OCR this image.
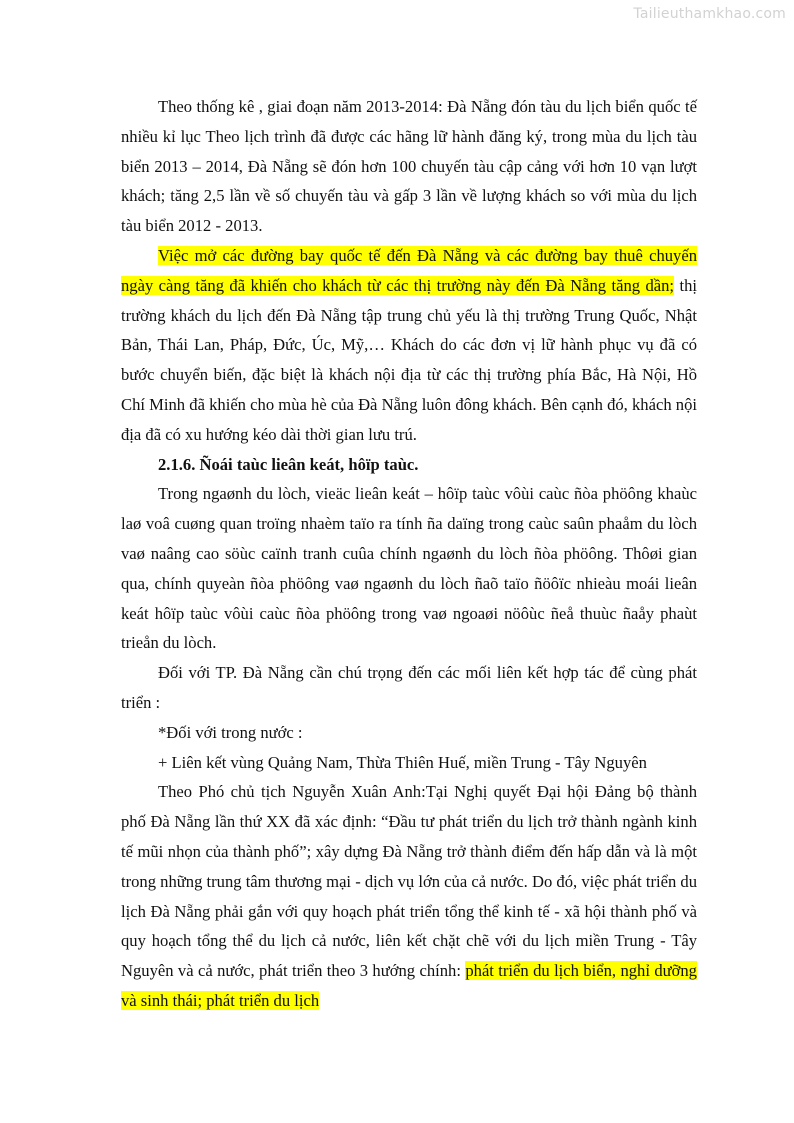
Tailieuthamkhao.com

Theo thống kê , giai đoạn năm 2013-2014: Đà Nẵng đón tàu du lịch biển quốc tế nhiều kỉ lục Theo lịch trình đã được các hãng lữ hành đăng ký, trong mùa du lịch tàu biển 2013 – 2014, Đà Nẵng sẽ đón hơn 100 chuyến tàu cập cảng với hơn 10 vạn lượt khách; tăng 2,5 lần về số chuyến tàu và gấp 3 lần về lượng khách so với mùa du lịch tàu biển 2012 - 2013.

Việc mở các đường bay quốc tế đến Đà Nẵng và các đường bay thuê chuyến ngày càng tăng đã khiến cho khách từ các thị trường này đến Đà Nẵng tăng dần; thị trường khách du lịch đến Đà Nẵng tập trung chủ yếu là thị trường Trung Quốc, Nhật Bản, Thái Lan, Pháp, Đức, Úc, Mỹ,… Khách do các đơn vị lữ hành phục vụ đã có bước chuyển biến, đặc biệt là khách nội địa từ các thị trường phía Bắc, Hà Nội, Hồ Chí Minh đã khiến cho mùa hè của Đà Nẵng luôn đông khách. Bên cạnh đó, khách nội địa đã có xu hướng kéo dài thời gian lưu trú.

2.1.6. Ñoái taùc lieân keát, hôïp taùc.

Trong ngaønh du lòch, vieäc lieân keát – hôïp taùc vôùi caùc ñòa phöông khaùc laø voâ cuøng quan troïng nhaèm taïo ra tính ña daïng trong caùc saûn phaåm du lòch vaø naâng cao söùc caïnh tranh cuûa chính ngaønh du lòch ñòa phöông. Thôøi gian qua, chính quyeàn ñòa phöông vaø ngaønh du lòch ñaõ taïo ñöôïc nhieàu moái lieân keát hôïp taùc vôùi caùc ñòa phöông trong vaø ngoaøi nöôùc ñeå thuùc ñaåy phaùt trieån du lòch.

Đối với TP. Đà Nẵng cần chú trọng đến các mối liên kết hợp tác để cùng phát triển :

*Đối với trong nước :

+ Liên kết vùng Quảng Nam, Thừa Thiên Huế, miền Trung - Tây Nguyên

Theo Phó chủ tịch Nguyễn Xuân Anh:Tại Nghị quyết Đại hội Đảng bộ thành phố Đà Nẵng lần thứ XX đã xác định: “Đầu tư phát triển du lịch trở thành ngành kinh tế mũi nhọn của thành phố”; xây dựng Đà Nẵng trở thành điểm đến hấp dẫn và là một trong những trung tâm thương mại - dịch vụ lớn của cả nước. Do đó, việc phát triển du lịch Đà Nẵng phải gắn với quy hoạch phát triển tổng thể kinh tế - xã hội thành phố và quy hoạch tổng thể du lịch cả nước, liên kết chặt chẽ với du lịch miền Trung - Tây Nguyên và cả nước, phát triển theo 3 hướng chính: phát triển du lịch biển, nghỉ dưỡng và sinh thái; phát triển du lịch
